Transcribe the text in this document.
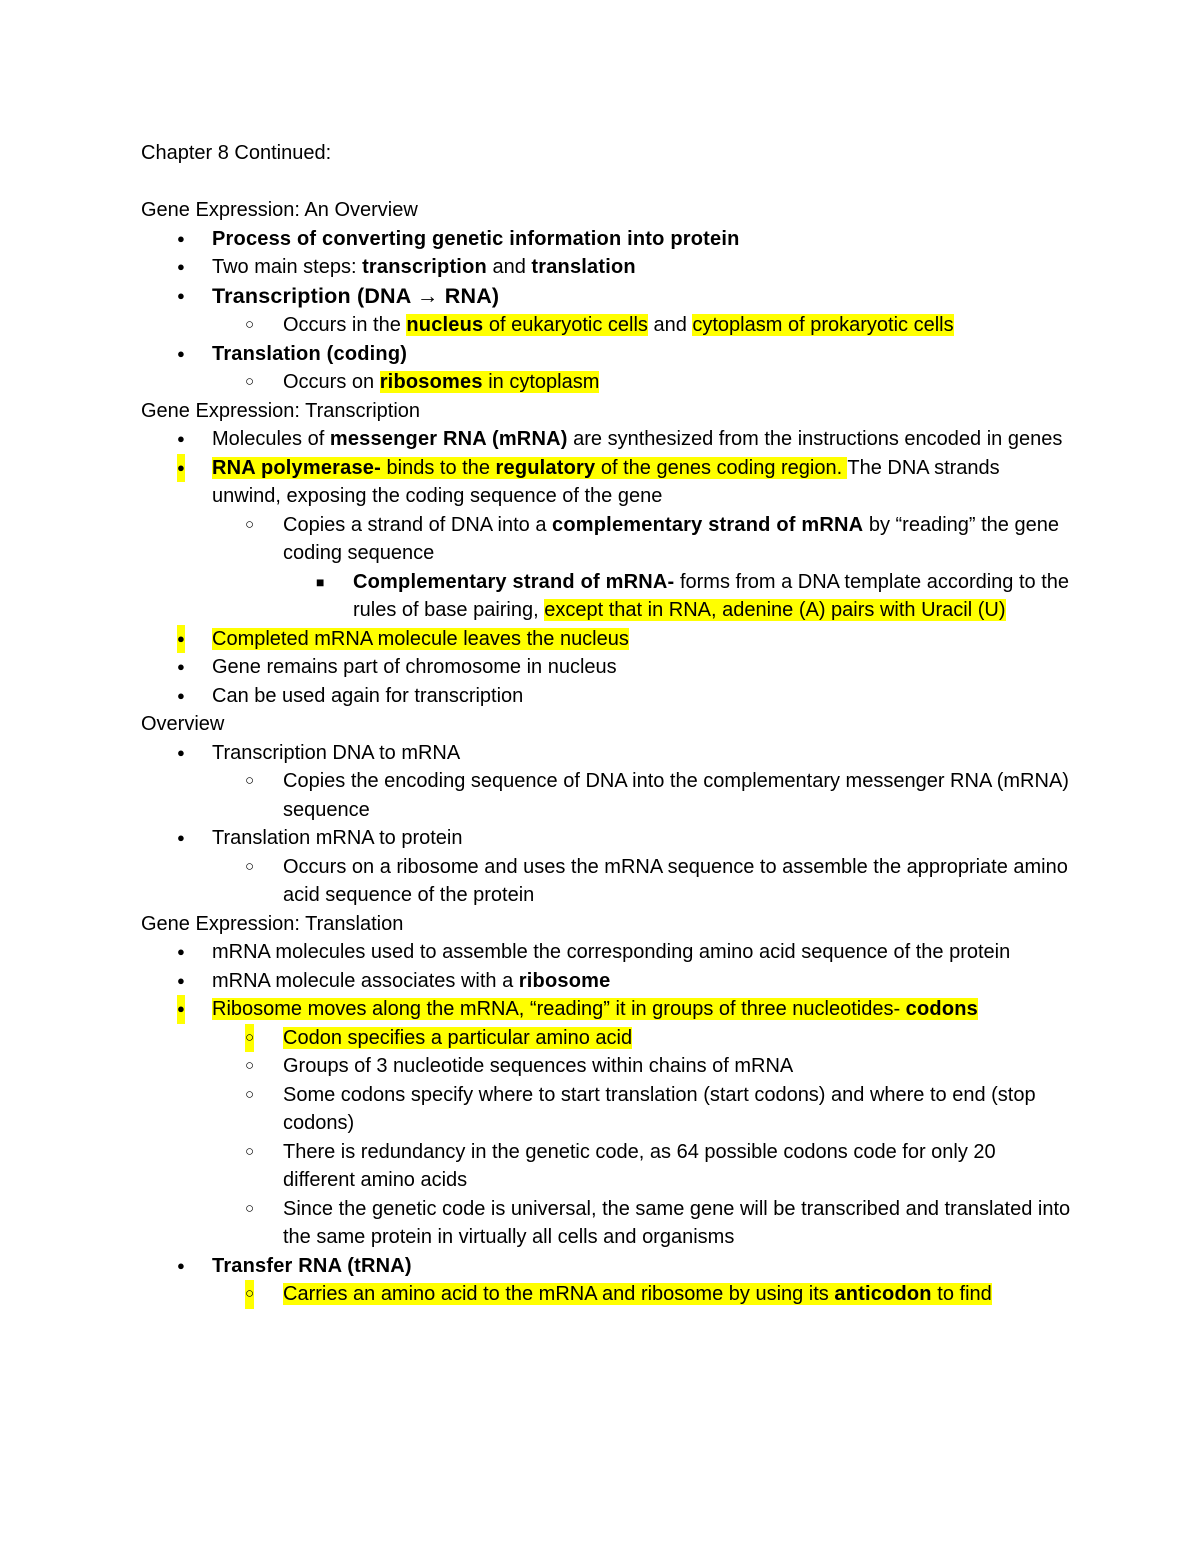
Chapter 8 Continued:

Gene Expression: An Overview

● Process of converting genetic information into protein
● Two main steps: transcription and translation
● Transcription (DNA → RNA)
○ Occurs in the nucleus of eukaryotic cells and cytoplasm of prokaryotic cells
● Translation (coding)
○ Occurs on ribosomes in cytoplasm

Gene Expression: Transcription

● Molecules of messenger RNA (mRNA) are synthesized from the instructions encoded in genes
● RNA polymerase- binds to the regulatory of the genes coding region. The DNA strands unwind, exposing the coding sequence of the gene
○ Copies a strand of DNA into a complementary strand of mRNA by “reading” the gene coding sequence
■ Complementary strand of mRNA- forms from a DNA template according to the rules of base pairing, except that in RNA, adenine (A) pairs with Uracil (U)
● Completed mRNA molecule leaves the nucleus
● Gene remains part of chromosome in nucleus
● Can be used again for transcription

Overview

● Transcription DNA to mRNA
○ Copies the encoding sequence of DNA into the complementary messenger RNA (mRNA) sequence
● Translation mRNA to protein
○ Occurs on a ribosome and uses the mRNA sequence to assemble the appropriate amino acid sequence of the protein

Gene Expression: Translation

● mRNA molecules used to assemble the corresponding amino acid sequence of the protein
● mRNA molecule associates with a ribosome
● Ribosome moves along the mRNA, “reading” it in groups of three nucleotides- codons
○ Codon specifies a particular amino acid
○ Groups of 3 nucleotide sequences within chains of mRNA
○ Some codons specify where to start translation (start codons) and where to end (stop codons)
○ There is redundancy in the genetic code, as 64 possible codons code for only 20 different amino acids
○ Since the genetic code is universal, the same gene will be transcribed and translated into the same protein in virtually all cells and organisms
● Transfer RNA (tRNA)
○ Carries an amino acid to the mRNA and ribosome by using its anticodon to find
